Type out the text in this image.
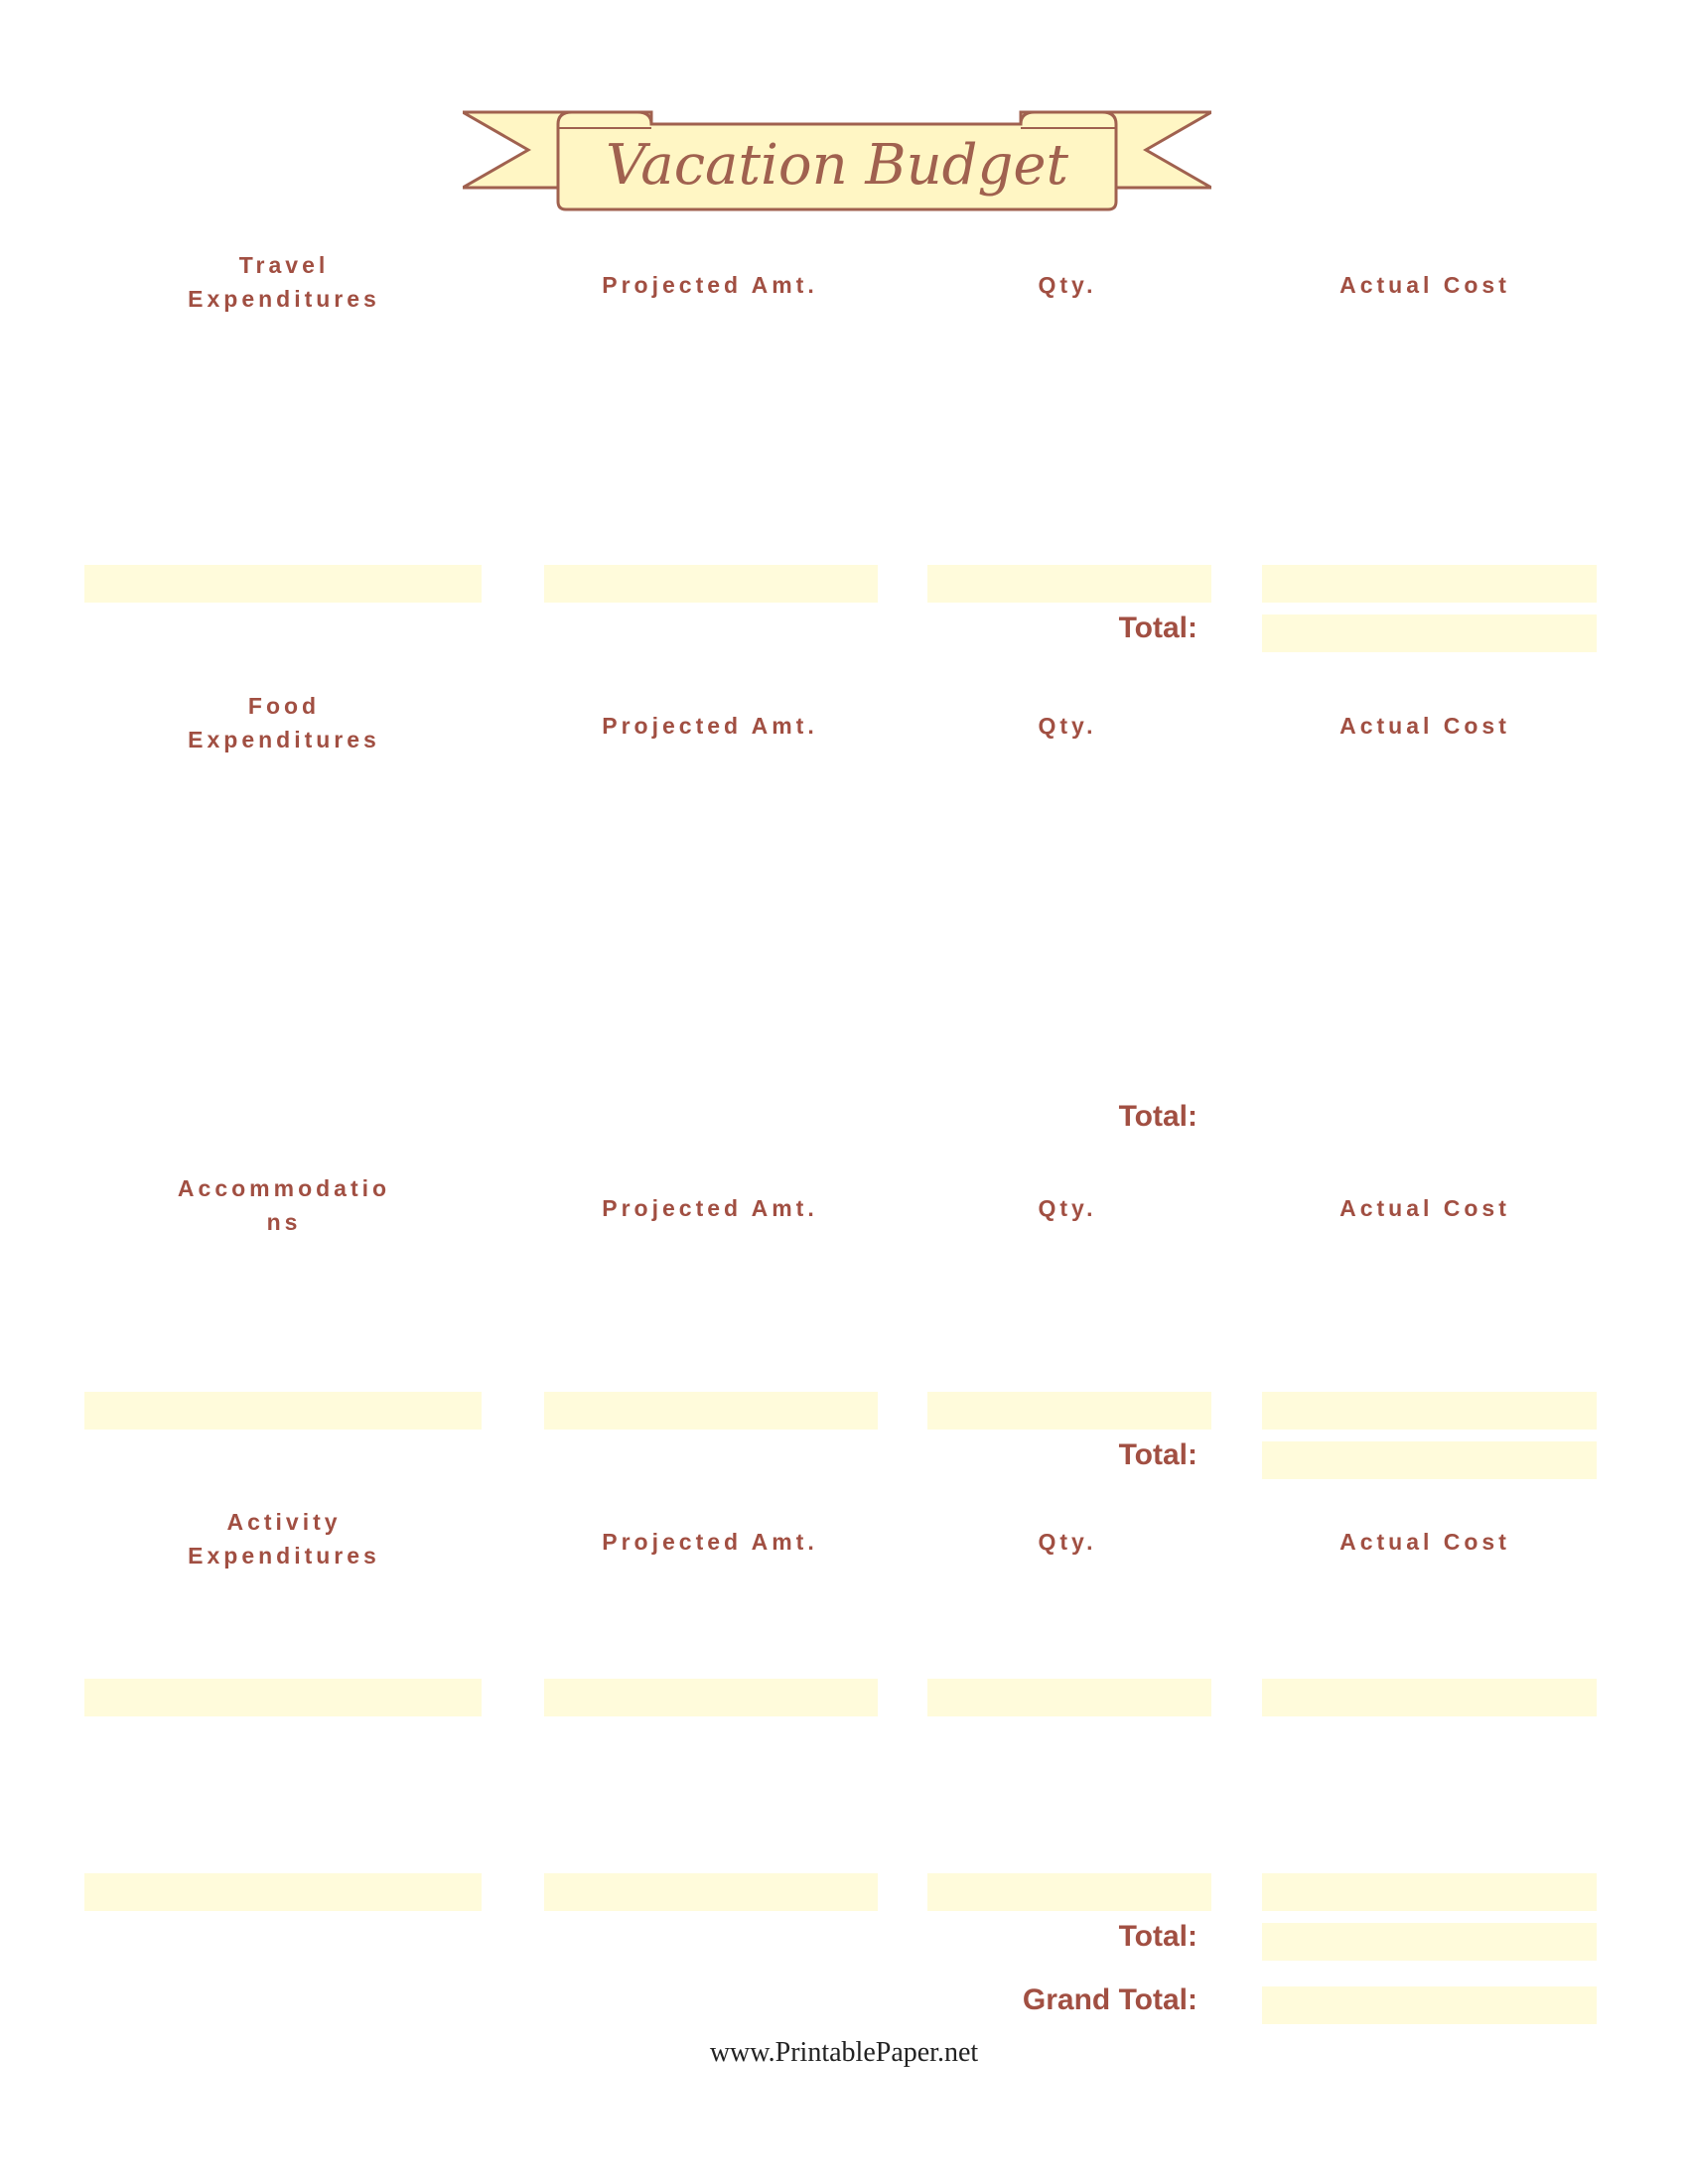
Vacation Budget
Travel
Expenditures
Projected Amt.	Qty.	Actual Cost
Total:
Food
Expenditures
Projected Amt.	Qty.	Actual Cost
Total:
Accommodatio
ns
Projected Amt.	Qty.	Actual Cost
Total:
Activity
Expenditures
Projected Amt.	Qty.	Actual Cost
Total:
Grand Total:
www.PrintablePaper.net
